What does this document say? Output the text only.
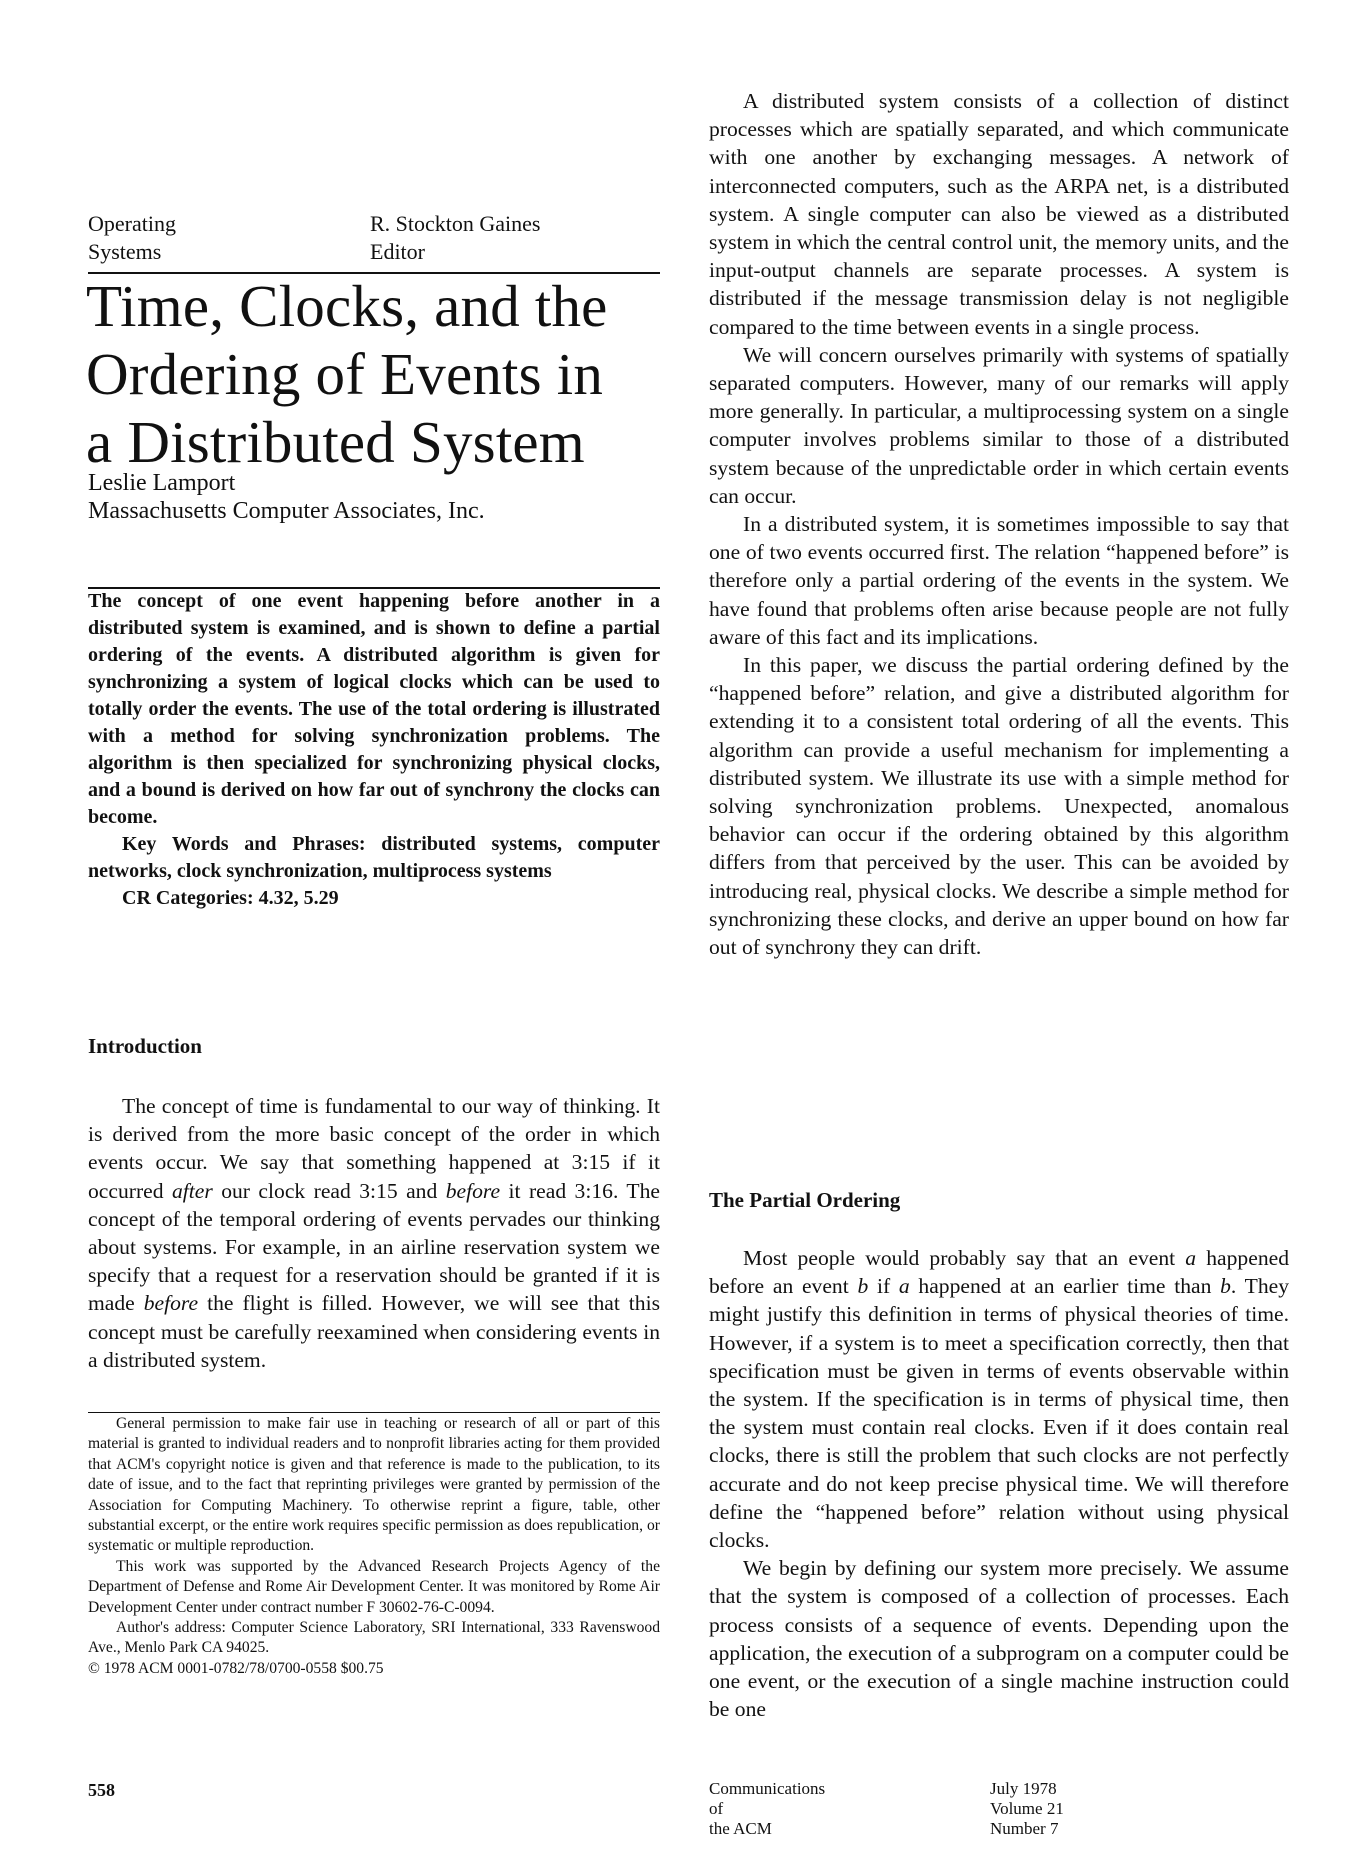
Operating
Systems
R. Stockton Gaines
Editor
Time, Clocks, and the
Ordering of Events in
a Distributed System
Leslie Lamport
Massachusetts Computer Associates, Inc.

The concept of one event happening before another in a distributed system is examined, and is shown to define a partial ordering of the events. A distributed algorithm is given for synchronizing a system of logical clocks which can be used to totally order the events. The use of the total ordering is illustrated with a method for solving synchronization problems. The algorithm is then specialized for synchronizing physical clocks, and a bound is derived on how far out of synchrony the clocks can become.

Key Words and Phrases: distributed systems, computer networks, clock synchronization, multiprocess systems

CR Categories: 4.32, 5.29

Introduction

The concept of time is fundamental to our way of thinking. It is derived from the more basic concept of the order in which events occur. We say that something happened at 3:15 if it occurred after our clock read 3:15 and before it read 3:16. The concept of the temporal ordering of events pervades our thinking about systems. For example, in an airline reservation system we specify that a request for a reservation should be granted if it is made before the flight is filled. However, we will see that this concept must be carefully reexamined when considering events in a distributed system.

General permission to make fair use in teaching or research of all or part of this material is granted to individual readers and to nonprofit libraries acting for them provided that ACM's copyright notice is given and that reference is made to the publication, to its date of issue, and to the fact that reprinting privileges were granted by permission of the Association for Computing Machinery. To otherwise reprint a figure, table, other substantial excerpt, or the entire work requires specific permission as does republication, or systematic or multiple reproduction.

This work was supported by the Advanced Research Projects Agency of the Department of Defense and Rome Air Development Center. It was monitored by Rome Air Development Center under contract number F 30602-76-C-0094.

Author's address: Computer Science Laboratory, SRI International, 333 Ravenswood Ave., Menlo Park CA 94025.

© 1978 ACM 0001-0782/78/0700-0558 $00.75

A distributed system consists of a collection of distinct processes which are spatially separated, and which communicate with one another by exchanging messages. A network of interconnected computers, such as the ARPA net, is a distributed system. A single computer can also be viewed as a distributed system in which the central control unit, the memory units, and the input-output channels are separate processes. A system is distributed if the message transmission delay is not negligible compared to the time between events in a single process.

We will concern ourselves primarily with systems of spatially separated computers. However, many of our remarks will apply more generally. In particular, a multiprocessing system on a single computer involves problems similar to those of a distributed system because of the unpredictable order in which certain events can occur.

In a distributed system, it is sometimes impossible to say that one of two events occurred first. The relation “happened before” is therefore only a partial ordering of the events in the system. We have found that problems often arise because people are not fully aware of this fact and its implications.

In this paper, we discuss the partial ordering defined by the “happened before” relation, and give a distributed algorithm for extending it to a consistent total ordering of all the events. This algorithm can provide a useful mechanism for implementing a distributed system. We illustrate its use with a simple method for solving synchronization problems. Unexpected, anomalous behavior can occur if the ordering obtained by this algorithm differs from that perceived by the user. This can be avoided by introducing real, physical clocks. We describe a simple method for synchronizing these clocks, and derive an upper bound on how far out of synchrony they can drift.

The Partial Ordering

Most people would probably say that an event a happened before an event b if a happened at an earlier time than b. They might justify this definition in terms of physical theories of time. However, if a system is to meet a specification correctly, then that specification must be given in terms of events observable within the system. If the specification is in terms of physical time, then the system must contain real clocks. Even if it does contain real clocks, there is still the problem that such clocks are not perfectly accurate and do not keep precise physical time. We will therefore define the “happened before” relation without using physical clocks.

We begin by defining our system more precisely. We assume that the system is composed of a collection of processes. Each process consists of a sequence of events. Depending upon the application, the execution of a subprogram on a computer could be one event, or the execution of a single machine instruction could be one

558	Communications
of
the ACM
July 1978
Volume 21
Number 7
